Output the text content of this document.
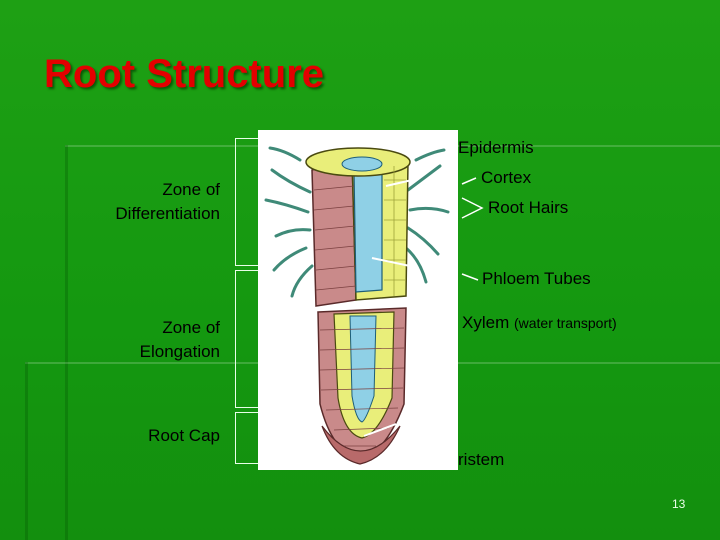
Root Structure
Zone of Differentiation
Zone of Elongation
Root Cap
Epidermis
Cortex
Root Hairs
Phloem Tubes
Xylem (water transport)
ristem
13
